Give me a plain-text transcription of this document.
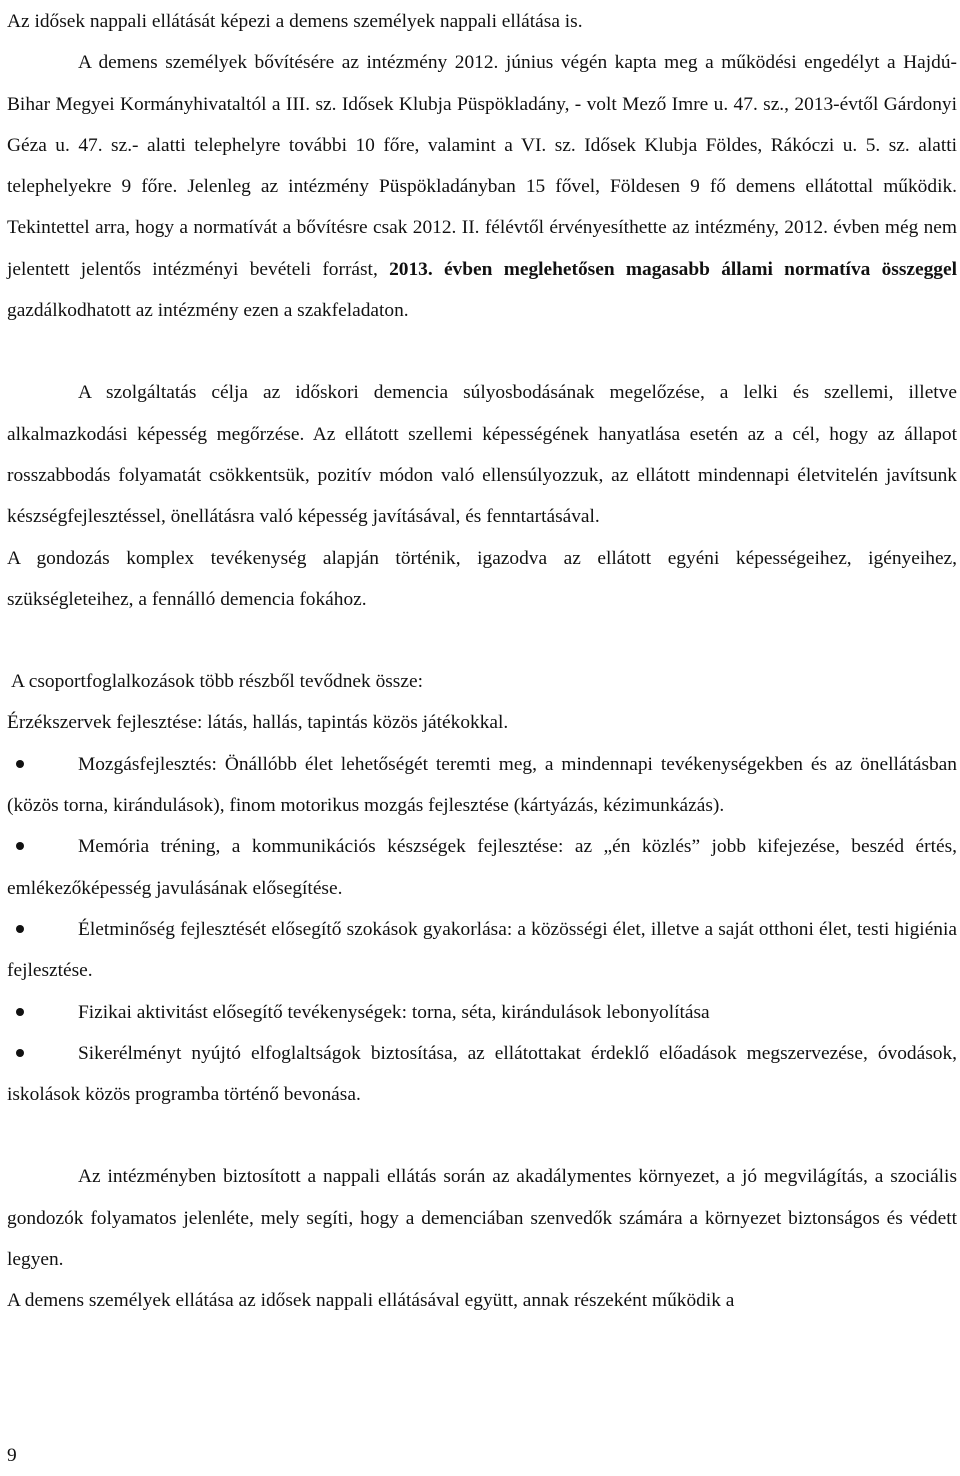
Az idősek nappali ellátását képezi a demens személyek nappali ellátása is.

A demens személyek bővítésére az intézmény 2012. június végén kapta meg a működési engedélyt a Hajdú-Bihar Megyei Kormányhivataltól a III. sz. Idősek Klubja Püspökladány, - volt Mező Imre u. 47. sz., 2013-évtől Gárdonyi Géza u. 47. sz.- alatti telephelyre további 10 főre, valamint a VI. sz. Idősek Klubja Földes, Rákóczi u. 5. sz. alatti telephelyekre 9 főre. Jelenleg az intézmény Püspökladányban 15 fővel, Földesen 9 fő demens ellátottal működik. Tekintettel arra, hogy a normatívát a bővítésre csak 2012. II. félévtől érvényesíthette az intézmény, 2012. évben még nem jelentett jelentős intézményi bevételi forrást, 2013. évben meglehetősen magasabb állami normatíva összeggel gazdálkodhatott az intézmény ezen a szakfeladaton.

A szolgáltatás célja az időskori demencia súlyosbodásának megelőzése, a lelki és szellemi, illetve alkalmazkodási képesség megőrzése. Az ellátott szellemi képességének hanyatlása esetén az a cél, hogy az állapot rosszabbodás folyamatát csökkentsük, pozitív módon való ellensúlyozzuk, az ellátott mindennapi életvitelén javítsunk készségfejlesztéssel, önellátásra való képesség javításával, és fenntartásával.

A gondozás komplex tevékenység alapján történik, igazodva az ellátott egyéni képességeihez, igényeihez, szükségleteihez, a fennálló demencia fokához.

A csoportfoglalkozások több részből tevődnek össze:

Érzékszervek fejlesztése: látás, hallás, tapintás közös játékokkal.

Mozgásfejlesztés: Önállóbb élet lehetőségét teremti meg, a mindennapi tevékenységekben és az önellátásban (közös torna, kirándulások), finom motorikus mozgás fejlesztése (kártyázás, kézimunkázás).

Memória tréning, a kommunikációs készségek fejlesztése: az „én közlés” jobb kifejezése, beszéd értés, emlékezőképesség javulásának elősegítése.

Életminőség fejlesztését elősegítő szokások gyakorlása: a közösségi élet, illetve a saját otthoni élet, testi higiénia fejlesztése.

Fizikai aktivitást elősegítő tevékenységek: torna, séta, kirándulások lebonyolítása

Sikerélményt nyújtó elfoglaltságok biztosítása, az ellátottakat érdeklő előadások megszervezése, óvodások, iskolások közös programba történő bevonása.

Az intézményben biztosított a nappali ellátás során az akadálymentes környezet, a jó megvilágítás, a szociális gondozók folyamatos jelenléte, mely segíti, hogy a demenciában szenvedők számára a környezet biztonságos és védett legyen.

A demens személyek ellátása az idősek nappali ellátásával együtt, annak részeként működik a

9
